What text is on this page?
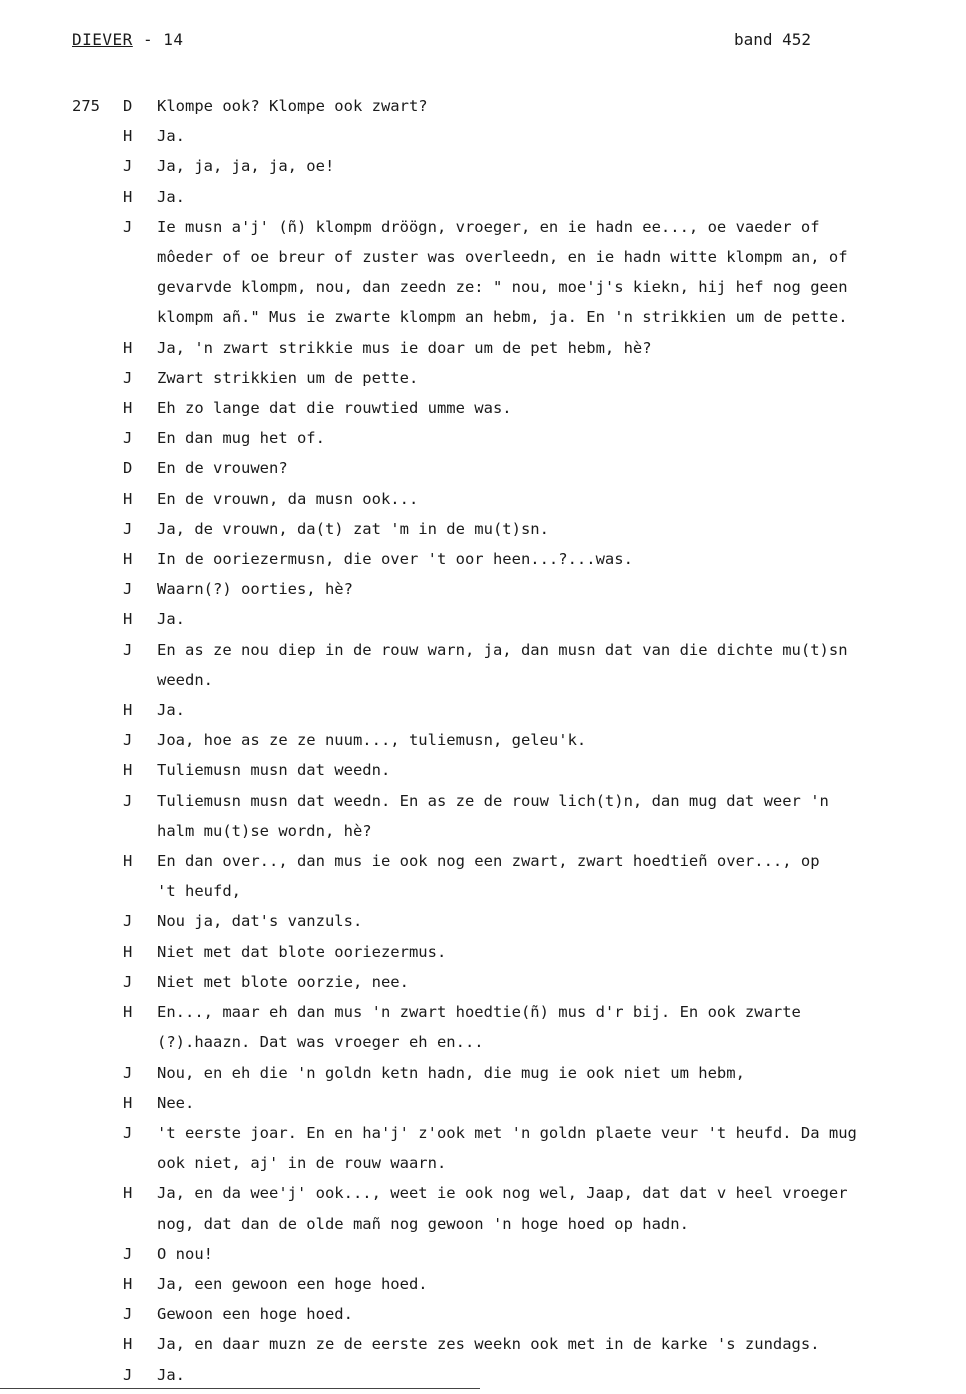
DIEVER - 14	band 452
275	D	Klompe ook? Klompe ook zwart?
H	Ja.
J	Ja, ja, ja, ja, oe!
H	Ja.
J	Ie musn a'j' (ñ) klompm dröögn, vroeger, en ie hadn ee..., oe vaeder of
môeder of oe breur of zuster was overleedn, en ie hadn witte klompm an, of
gevarvde klompm, nou, dan zeedn ze: " nou, moe'j's kiekn, hij hef nog geen
klompm añ." Mus ie zwarte klompm an hebm, ja. En 'n strikkien um de pette.
H	Ja, 'n zwart strikkie mus ie doar um de pet hebm, hè?
J	Zwart strikkien um de pette.
H	Eh zo lange dat die rouwtied umme was.
J	En dan mug het of.
D	En de vrouwen?
H	En de vrouwn, da musn ook...
J	Ja, de vrouwn, da(t) zat 'm in de mu(t)sn.
H	In de ooriezermusn, die over 't oor heen...?...was.
J	Waarn(?) oorties, hè?
H	Ja.
J	En as ze nou diep in de rouw warn, ja, dan musn dat van die dichte mu(t)sn
weedn.
H	Ja.
J	Joa, hoe as ze ze nuum..., tuliemusn, geleu'k.
H	Tuliemusn musn dat weedn.
J	Tuliemusn musn dat weedn. En as ze de rouw lich(t)n, dan mug dat weer 'n
halm mu(t)se wordn, hè?
H	En dan over.., dan mus ie ook nog een zwart, zwart hoedtieñ over..., op
't heufd,
J	Nou ja, dat's vanzuls.
H	Niet met dat blote ooriezermus.
J	Niet met blote oorzie, nee.
H	En..., maar eh dan mus 'n zwart hoedtie(ñ) mus d'r bij. En ook zwarte
(?).haazn. Dat was vroeger eh en...
J	Nou, en eh die 'n goldn ketn hadn, die mug ie ook niet um hebm,
H	Nee.
J	't eerste joar. En en ha'j' z'ook met 'n goldn plaete veur 't heufd. Da mug
ook niet, aj' in de rouw waarn.
H	Ja, en da wee'j' ook..., weet ie ook nog wel, Jaap, dat dat v heel vroeger
nog, dat dan de olde mañ nog gewoon 'n hoge hoed op hadn.
J	O nou!
H	Ja, een gewoon een hoge hoed.
J	Gewoon een hoge hoed.
H	Ja, en daar muzn ze de eerste zes weekn ook met in de karke 's zundags.
J	Ja.
